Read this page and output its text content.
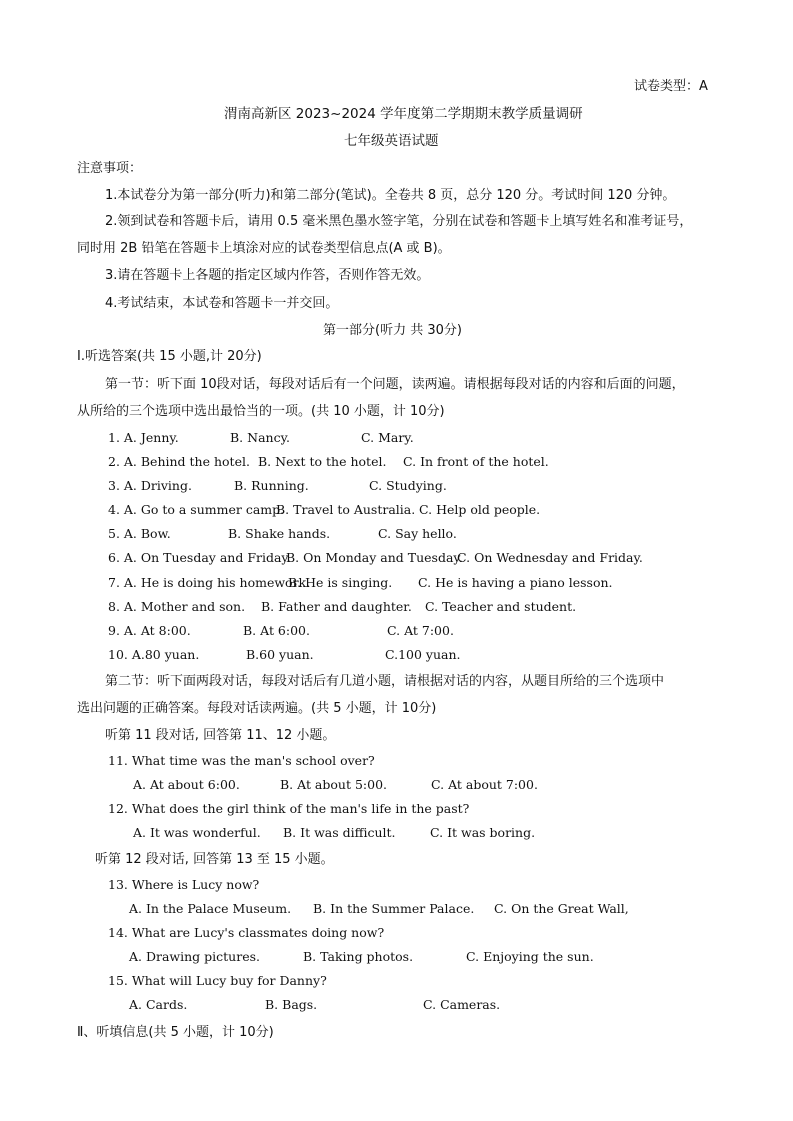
试卷类型：A
渭南高新区 2023~2024 学年度第二学期期末教学质量调研
七年级英语试题
注意事项：
1.本试卷分为第一部分(听力)和第二部分(笔试)。全卷共 8 页，总分 120 分。考试时间 120 分钟。
2.领到试卷和答题卡后，请用 0.5 毫米黑色墨水签字笔，分别在试卷和答题卡上填写姓名和准考证号，
同时用 2B 铅笔在答题卡上填涂对应的试卷类型信息点(A 或 B)。
3.请在答题卡上各题的指定区域内作答，否则作答无效。
4.考试结束，本试卷和答题卡一并交回。
第一部分(听力 共 30分)
Ⅰ.听选答案(共 15 小题,计 20分)
第一节：听下面 10段对话，每段对话后有一个问题，读两遍。请根据每段对话的内容和后面的问题，
从所给的三个选项中选出最恰当的一项。(共 10 小题，计 10分)
1. A. Jenny.	B. Nancy.	C. Mary.
2. A. Behind the hotel. B. Next to the hotel. C. In front of the hotel.
3. A. Driving.	B. Running.	C. Studying.
4. A. Go to a summer camp.
B. Travel to Australia. C. Help old people.
5. A. Bow.	B. Shake hands.	C. Say hello.
6. A. On Tuesday and Friday.
B. On Monday and Tuesday.
C. On Wednesday and Friday.
7. A. He is doing his homework.
B. He is singing. C. He is having a piano lesson.
8. A. Mother and son. B. Father and daughter. C. Teacher and student.
9. A. At 8:00.	B. At 6:00.	C. At 7:00.
10. A.80 yuan.	B.60 yuan.	C.100 yuan.
第二节：听下面两段对话，每段对话后有几道小题，请根据对话的内容，从题目所给的三个选项中
选出问题的正确答案。每段对话读两遍。(共 5 小题，计 10分)
听第 11 段对话, 回答第 11、12 小题。
11. What time was the man's school over?
A. At about 6:00.	B. At about 5:00.	C. At about 7:00.
12. What does the girl think of the man's life in the past?
A. It was wonderful. B. It was difficult.	C. It was boring.
听第 12 段对话, 回答第 13 至 15 小题。
13. Where is Lucy now?
A. In the Palace Museum. B. In the Summer Palace. C. On the Great Wall,
14. What are Lucy's classmates doing now?
A. Drawing pictures.	B. Taking photos.	C. Enjoying the sun.
15. What will Lucy buy for Danny?
A. Cards.	B. Bags.	C. Cameras.
Ⅱ、听填信息(共 5 小题，计 10分)
